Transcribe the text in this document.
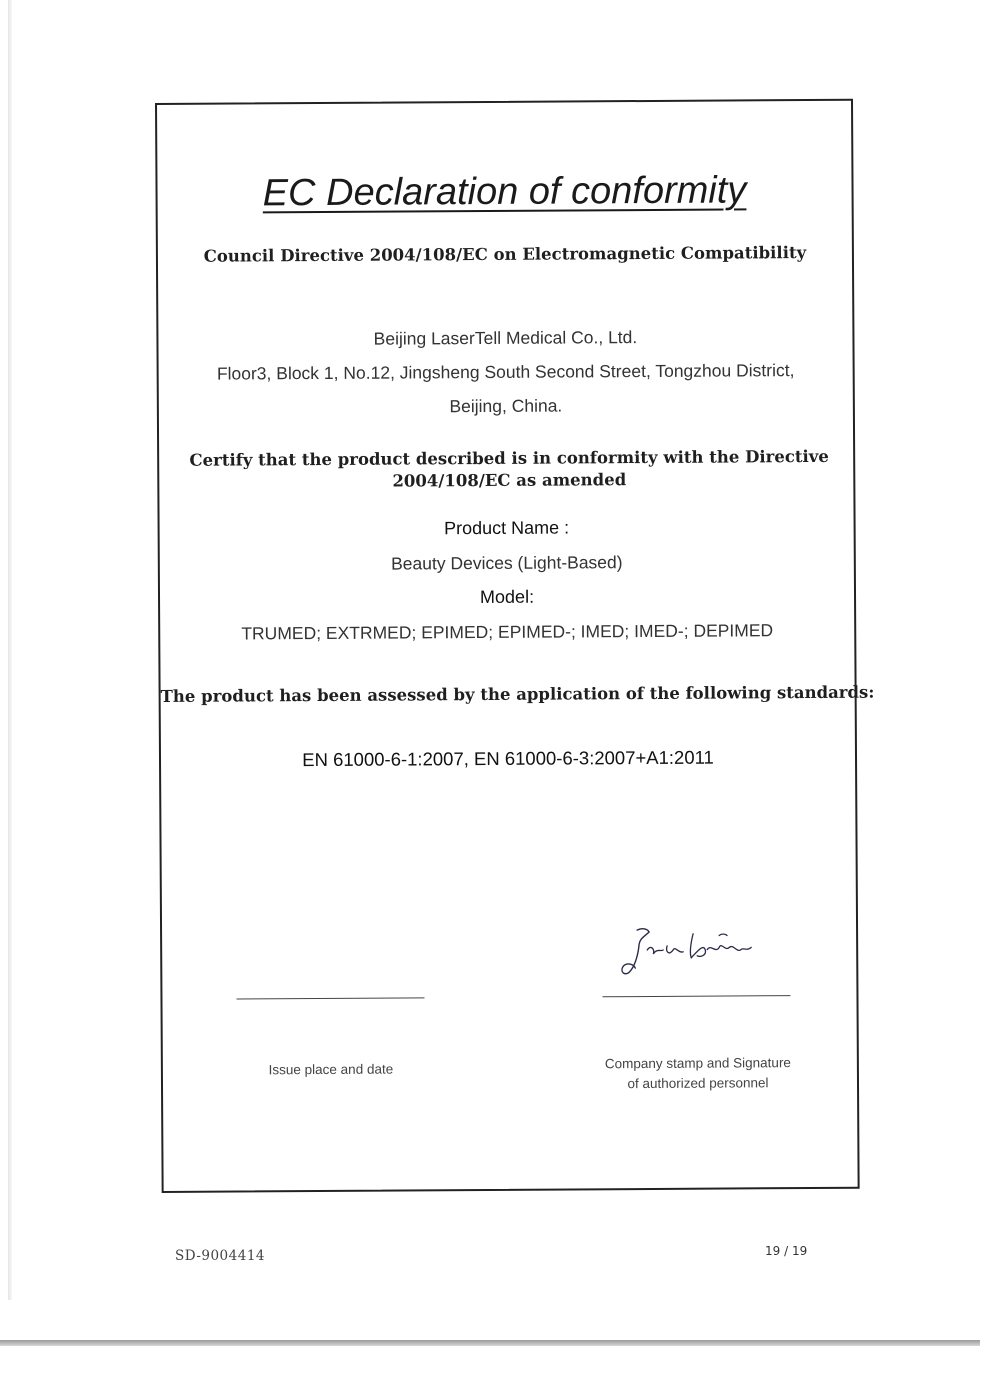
EC Declaration of conformity
Council Directive 2004/108/EC on Electromagnetic Compatibility
Beijing LaserTell Medical Co., Ltd.
Floor3, Block 1, No.12, Jingsheng South Second Street, Tongzhou District,
Beijing, China.
Certify that the product described is in conformity with the Directive
2004/108/EC as amended
Product Name :
Beauty Devices (Light-Based)
Model:
TRUMED; EXTRMED; EPIMED; EPIMED-; IMED; IMED-; DEPIMED
The product has been assessed by the application of the following standards:
EN 61000-6-1:2007, EN 61000-6-3:2007+A1:2011
Issue place and date	Company stamp and Signature
of authorized personnel
SD-9004414	19 / 19
